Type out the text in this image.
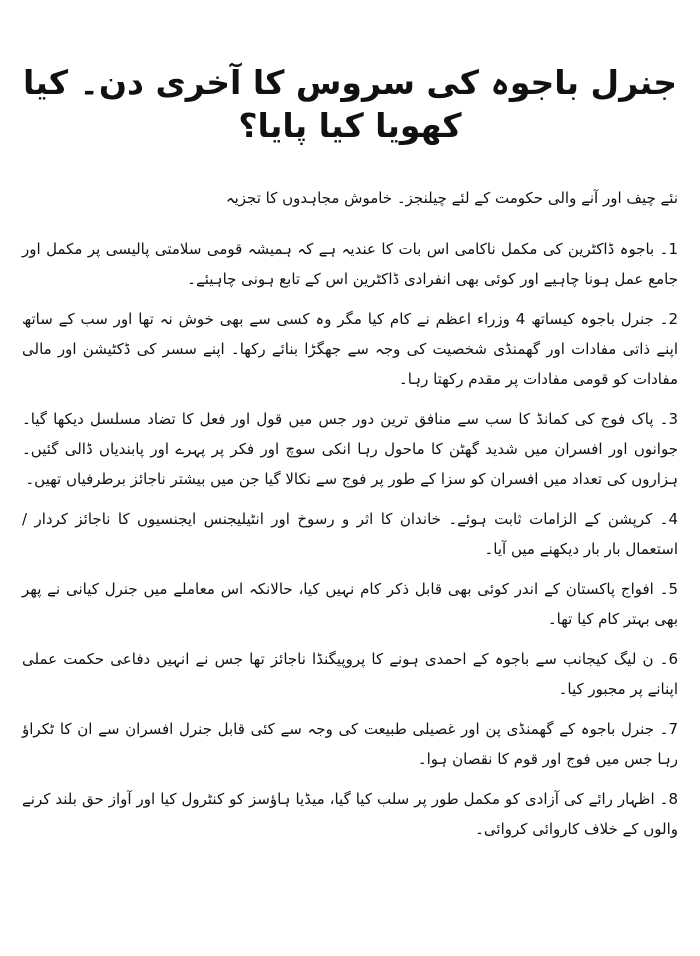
جنرل باجوہ کی سروس کا آخری دن۔ کیا کھویا کیا پایا؟

نئے چیف اور آنے والی حکومت کے لئے چیلنجز۔ خاموش مجاہدوں کا تجزیہ

1۔ باجوہ ڈاکٹرین کی مکمل ناکامی اس بات کا عندیہ ہے کہ ہمیشہ قومی سلامتی پالیسی پر مکمل اور جامع عمل ہونا چاہیے اور کوئی بھی انفرادی ڈاکٹرین اس کے تابع ہونی چاہیئے۔

2۔ جنرل باجوہ کیساتھ 4 وزراء اعظم نے کام کیا مگر وہ کسی سے بھی خوش نہ تھا اور سب کے ساتھ اپنے ذاتی مفادات اور گھمنڈی شخصیت کی وجہ سے جھگڑا بنائے رکھا۔ اپنے سسر کی ڈکٹیشن اور مالی مفادات کو قومی مفادات پر مقدم رکھتا رہا۔

3۔ پاک فوج کی کمانڈ کا سب سے منافق ترین دور جس میں قول اور فعل کا تضاد مسلسل دیکھا گیا۔ جوانوں اور افسران میں شدید گھٹن کا ماحول رہا انکی سوچ اور فکر پر پہرے اور پابندیاں ڈالی گئیں۔ ہزاروں کی تعداد میں افسران کو سزا کے طور پر فوج سے نکالا گیا جن میں بیشتر ناجائز برطرفیاں تھیں۔

4۔ کرپشن کے الزامات ثابت ہوئے۔ خاندان کا اثر و رسوخ اور انٹیلیجنس ایجنسیوں کا ناجائز کردار / استعمال بار بار دیکھنے میں آیا۔

5۔ افواج پاکستان کے اندر کوئی بھی قابل ذکر کام نہیں کیا، حالانکہ اس معاملے میں جنرل کیانی نے پھر بھی بہتر کام کیا تھا۔

6۔ ن لیگ کیجانب سے باجوہ کے احمدی ہونے کا پروپیگنڈا ناجائز تھا جس نے انہیں دفاعی حکمت عملی اپنانے پر مجبور کیا۔

7۔ جنرل باجوہ کے گھمنڈی پن اور غصیلی طبیعت کی وجہ سے کئی قابل جنرل افسران سے ان کا ٹکراؤ رہا جس میں فوج اور قوم کا نقصان ہوا۔

8۔ اظہار رائے کی آزادی کو مکمل طور پر سلب کیا گیا، میڈیا ہاؤسز کو کنٹرول کیا اور آواز حق بلند کرنے والوں کے خلاف کاروائی کروائی۔
